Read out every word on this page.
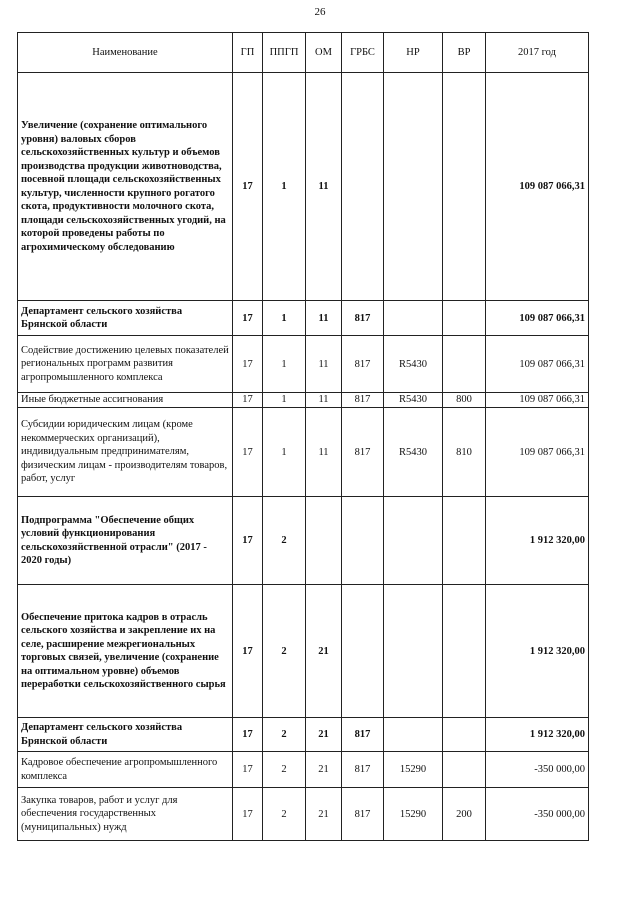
26
Наименование	ГП	ППГП	ОМ	ГРБС	НР	ВР	2017 год
Увеличение (сохранение оптимального уровня) валовых сборов сельскохозяйственных культур и объемов производства продукции животноводства, посевной площади сельскохозяйственных культур, численности крупного рогатого скота, продуктивности молочного скота, площади сельскохозяйственных угодий, на которой проведены работы по агрохимическому обследованию	17	1	11				109 087 066,31
Департамент сельского хозяйства Брянской области	17	1	11	817			109 087 066,31
Содействие достижению целевых показателей региональных программ развития агропромышленного комплекса	17	1	11	817	R5430		109 087 066,31
Иные бюджетные ассигнования	17	1	11	817	R5430	800	109 087 066,31
Субсидии юридическим лицам (кроме некоммерческих организаций), индивидуальным предпринимателям, физическим лицам - производителям товаров, работ, услуг	17	1	11	817	R5430	810	109 087 066,31
Подпрограмма "Обеспечение общих условий функционирования сельскохозяйственной отрасли" (2017 - 2020 годы)	17	2					1 912 320,00
Обеспечение притока кадров в отрасль сельского хозяйства и закрепление их на селе, расширение межрегиональных торговых связей, увеличение (сохранение на оптимальном уровне) объемов переработки сельскохозяйственного сырья	17	2	21				1 912 320,00
Департамент сельского хозяйства Брянской области	17	2	21	817			1 912 320,00
Кадровое обеспечение агропромышленного комплекса	17	2	21	817	15290		-350 000,00
Закупка товаров, работ и услуг для обеспечения государственных (муниципальных) нужд	17	2	21	817	15290	200	-350 000,00
